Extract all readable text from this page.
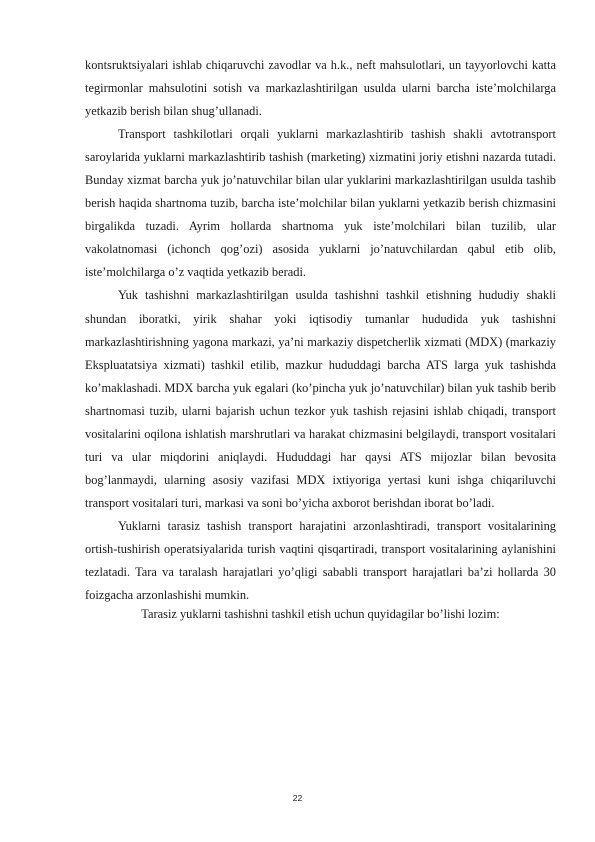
kontsruktsiyalari ishlab chiqaruvchi zavodlar va h.k., neft mahsulotlari, un tayyorlovchi katta tegirmonlar mahsulotini sotish va markazlashtirilgan usulda ularni barcha iste’molchilarga yetkazib berish bilan shug’ullanadi.

Transport tashkilotlari orqali yuklarni markazlashtirib tashish shakli avtotransport saroylarida yuklarni markazlashtirib tashish (marketing) xizmatini joriy etishni nazarda tutadi. Bunday xizmat barcha yuk jo’natuvchilar bilan ular yuklarini markazlashtirilgan usulda tashib berish haqida shartnoma tuzib, barcha iste’molchilar bilan yuklarni yetkazib berish chizmasini birgalikda tuzadi. Ayrim hollarda shartnoma yuk iste’molchilari bilan tuzilib, ular vakolatnomasi (ichonch qog’ozi) asosida yuklarni jo’natuvchilardan qabul etib olib, iste’molchilarga o’z vaqtida yetkazib beradi.

Yuk tashishni markazlashtirilgan usulda tashishni tashkil etishning hududiy shakli shundan iboratki, yirik shahar yoki iqtisodiy tumanlar hududida yuk tashishni markazlashtirishning yagona markazi, ya’ni markaziy dispetcherlik xizmati (MDX) (markaziy Ekspluatatsiya xizmati) tashkil etilib, mazkur hududdagi barcha ATS larga yuk tashishda ko’maklashadi. MDX barcha yuk egalari (ko’pincha yuk jo’natuvchilar) bilan yuk tashib berib shartnomasi tuzib, ularni bajarish uchun tezkor yuk tashish rejasini ishlab chiqadi, transport vositalarini oqilona ishlatish marshrutlari va harakat chizmasini belgilaydi, transport vositalari turi va ular miqdorini aniqlaydi. Hududdagi har qaysi ATS mijozlar bilan bevosita bog’lanmaydi, ularning asosiy vazifasi MDX ixtiyoriga yertasi kuni ishga chiqariluvchi transport vositalari turi, markasi va soni bo’yicha axborot berishdan iborat bo’ladi.

Yuklarni tarasiz tashish transport harajatini arzonlashtiradi, transport vositalarining ortish-tushirish operatsiyalarida turish vaqtini qisqartiradi, transport vositalarining aylanishini tezlatadi. Tara va taralash harajatlari yo’qligi sababli transport harajatlari ba’zi hollarda 30 foizgacha arzonlashishi mumkin.

Tarasiz yuklarni tashishni tashkil etish uchun quyidagilar bo’lishi lozim:

22
